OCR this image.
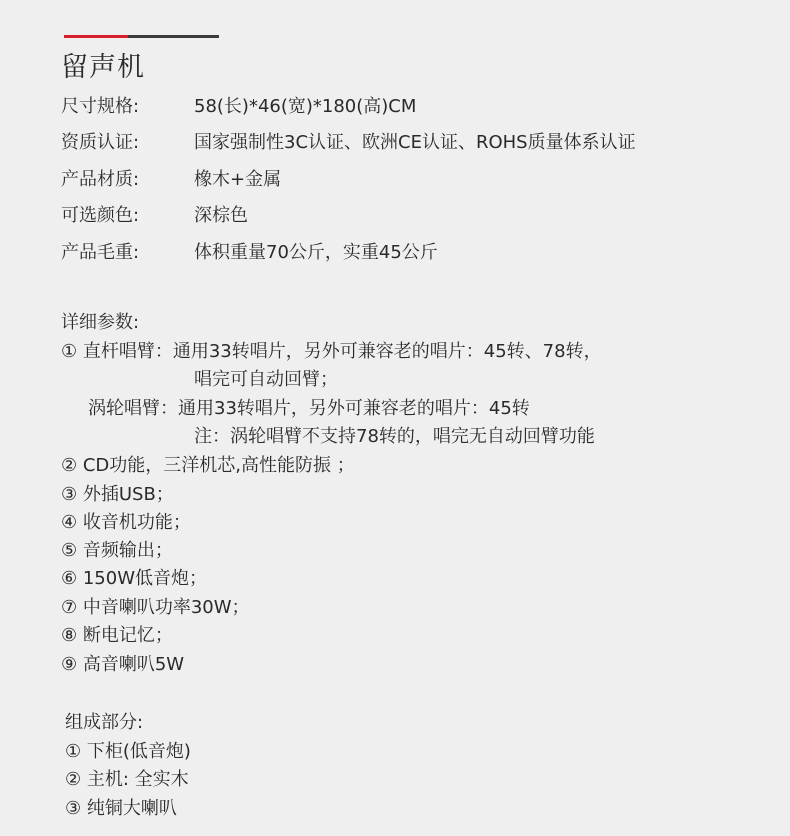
留声机
尺寸规格:	58(长)*46(宽)*180(高)CM
资质认证:	国家强制性3C认证、欧洲CE认证、ROHS质量体系认证
产品材质:	橡木+金属
可选颜色:	深棕色
产品毛重:	体积重量70公斤，实重45公斤
详细参数:
① 直杆唱臂：通用33转唱片，另外可兼容老的唱片：45转、78转，
唱完可自动回臂；
涡轮唱臂：通用33转唱片，另外可兼容老的唱片：45转
注：涡轮唱臂不支持78转的，唱完无自动回臂功能
② CD功能，三洋机芯,高性能防振 ；
③ 外插USB；
④ 收音机功能；
⑤ 音频输出；
⑥ 150W低音炮；
⑦ 中音喇叭功率30W；
⑧ 断电记忆；
⑨ 高音喇叭5W
组成部分:
① 下柜(低音炮)
② 主机: 全实木
③ 纯铜大喇叭
